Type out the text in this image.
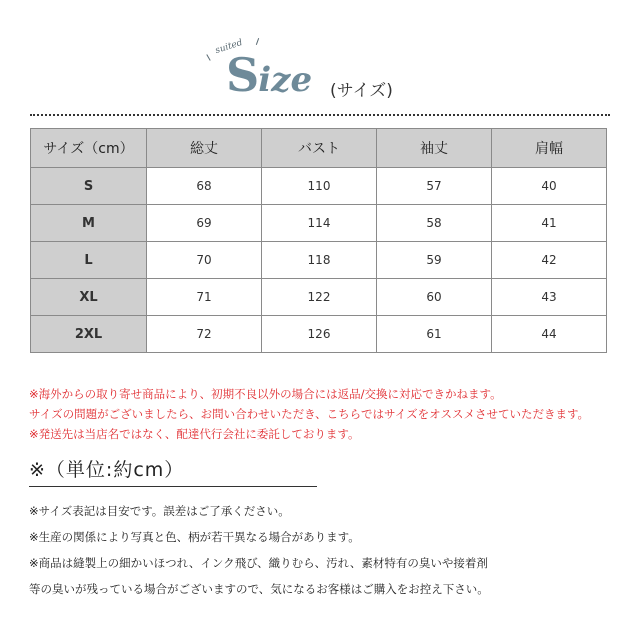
suited
Size (サイズ)
サイズ（cm）	総丈	バスト	袖丈	肩幅
S	68	110	57	40
M	69	114	58	41
L	70	118	59	42
XL	71	122	60	43
2XL	72	126	61	44
※海外からの取り寄せ商品により、初期不良以外の場合には返品/交換に対応できかねます。
サイズの問題がございましたら、お問い合わせいただき、こちらではサイズをオススメさせていただきます。
※発送先は当店名ではなく、配達代行会社に委託しております。
※（単位:約cm）
※サイズ表記は目安です。誤差はご了承ください。
※生産の関係により写真と色、柄が若干異なる場合があります。
※商品は縫製上の細かいほつれ、インク飛び、織りむら、汚れ、素材特有の臭いや接着剤
等の臭いが残っている場合がございますので、気になるお客様はご購入をお控え下さい。
